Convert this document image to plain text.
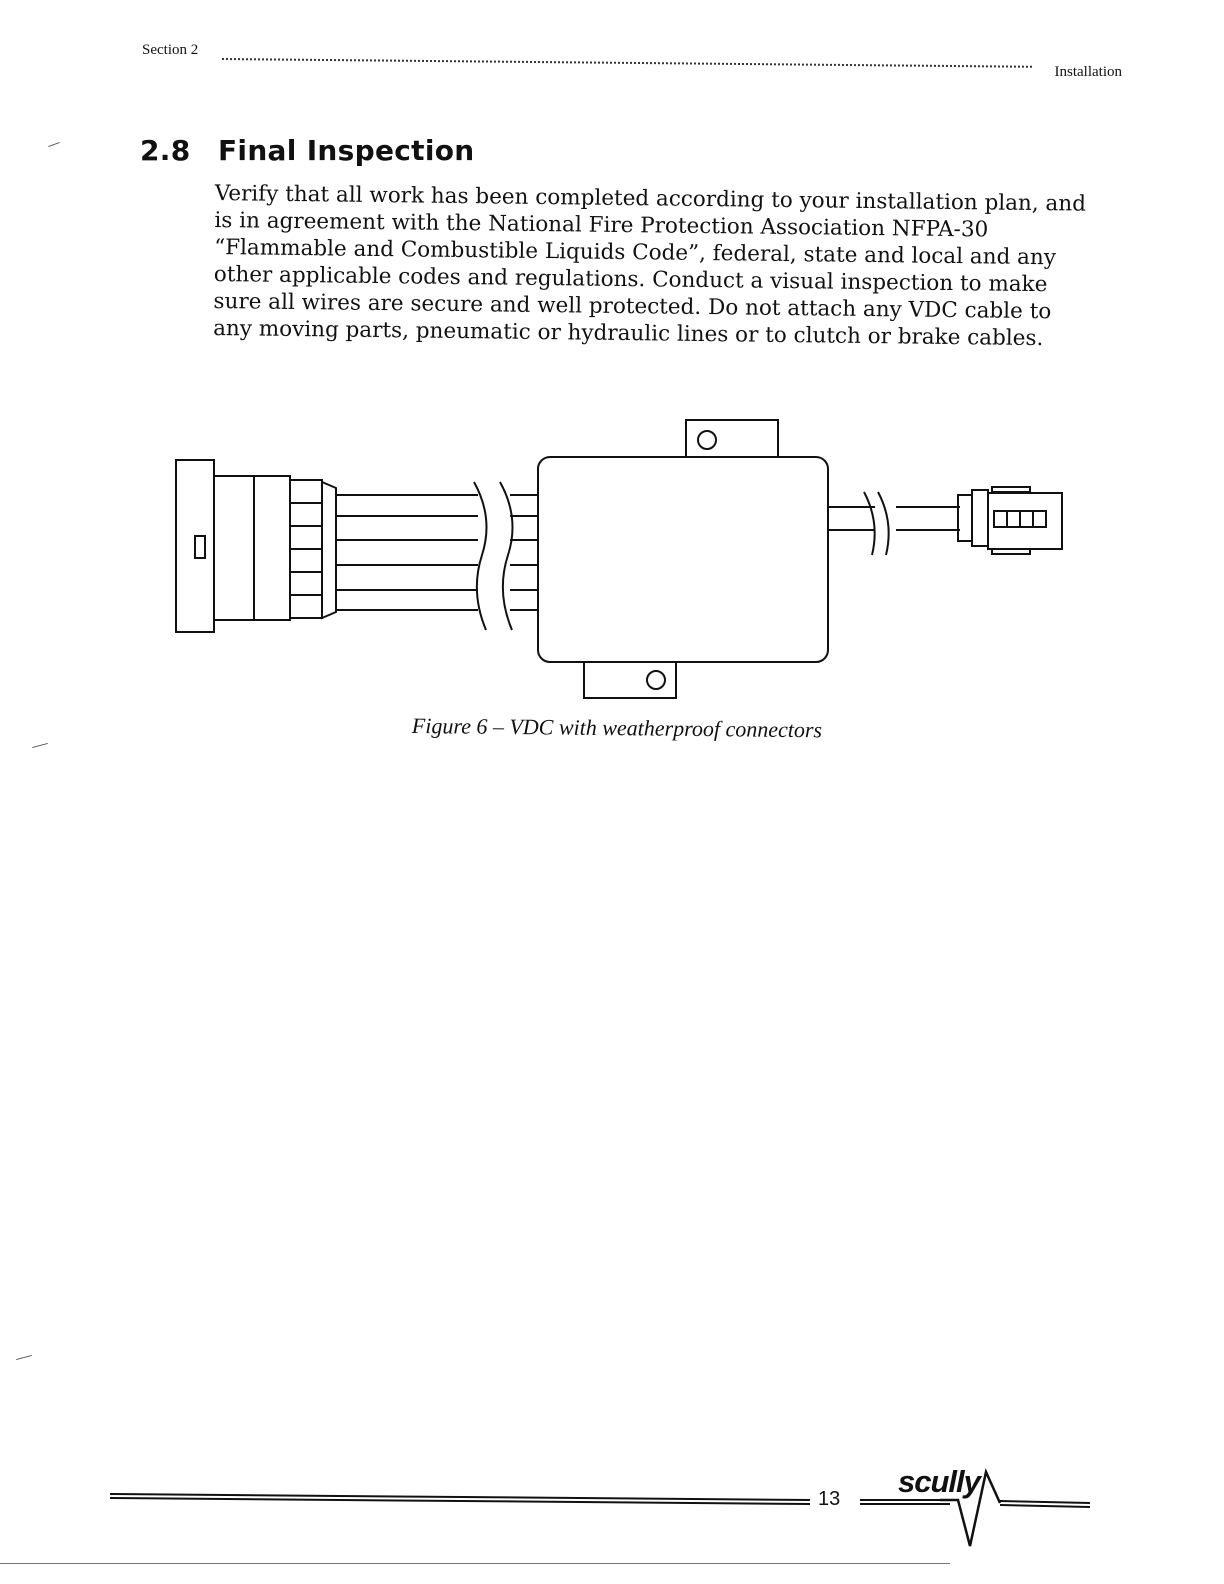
Section 2
Installation
2.8 Final Inspection
Verify that all work has been completed according to your installation plan, and is in agreement with the National Fire Protection Association NFPA-30 “Flammable and Combustible Liquids Code”, federal, state and local and any other applicable codes and regulations. Conduct a visual inspection to make sure all wires are secure and well protected. Do not attach any VDC cable to any moving parts, pneumatic or hydraulic lines or to clutch or brake cables.
Figure 6 – VDC with weatherproof connectors
13 scully
